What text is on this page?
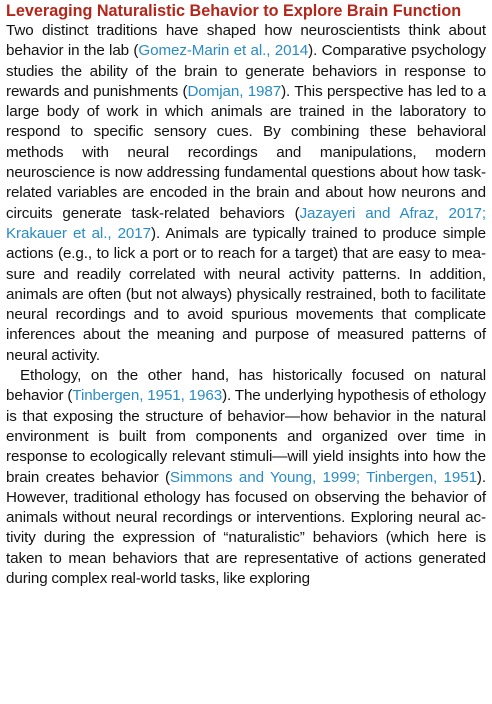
Leveraging Naturalistic Behavior to Explore Brain Function

Two distinct traditions have shaped how neuroscientists think about behavior in the lab (Gomez-Marin et al., 2014). Comparative psychology studies the ability of the brain to generate behaviors in response to rewards and punishments (Domjan, 1987). This perspective has led to a large body of work in which animals are trained in the laboratory to respond to specific sensory cues. By combining these behavioral methods with neural recordings and manipulations, modern neuroscience is now addressing fundamental questions about how task-related variables are encoded in the brain and about how neurons and circuits generate task-related behaviors (Jazayeri and Afraz, 2017; Krakauer et al., 2017). Animals are typically trained to produce simple actions (e.g., to lick a port or to reach for a target) that are easy to measure and readily correlated with neural activity patterns. In addition, animals are often (but not always) physically restrained, both to facilitate neural recordings and to avoid spurious movements that complicate inferences about the meaning and purpose of measured patterns of neural activity.

Ethology, on the other hand, has historically focused on natural behavior (Tinbergen, 1951, 1963). The underlying hypothesis of ethology is that exposing the structure of behavior—how behavior in the natural environment is built from components and organized over time in response to ecologically relevant stimuli—will yield insights into how the brain creates behavior (Simmons and Young, 1999; Tinbergen, 1951). However, traditional ethology has focused on observing the behavior of animals without neural recordings or interventions. Exploring neural activity during the expression of “naturalistic” behaviors (which here is taken to mean behaviors that are representative of actions generated during complex real-world tasks, like exploring
